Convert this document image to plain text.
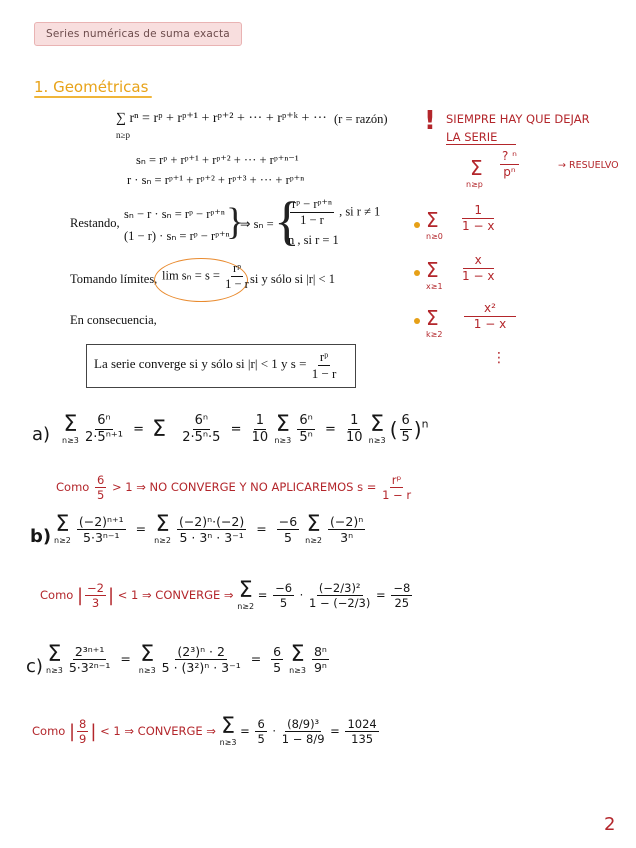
Series numéricas de suma exacta
1. Geométricas
∑ rⁿ = rᵖ + rᵖ⁺¹ + rᵖ⁺² + ··· + rᵖ⁺ᵏ + ···
n≥p
(r = razón)
sₙ = rᵖ + rᵖ⁺¹ + rᵖ⁺² + ··· + rᵖ⁺ⁿ⁻¹
r · sₙ = rᵖ⁺¹ + rᵖ⁺² + rᵖ⁺³ + ··· + rᵖ⁺ⁿ
Restando,
sₙ − r · sₙ = rᵖ − rᵖ⁺ⁿ
(1 − r) · sₙ = rᵖ − rᵖ⁺ⁿ
}
⇒ sₙ = {
$\frac{\text{rᵖ − rᵖ⁺ⁿ}}{1 - r}$ , si r ≠ 1
n , si r = 1
Tomando límites, $\lim s_n = s = \frac{\text{rᵖ}}{1 - r}$ si y sólo si |r| < 1
En consecuencia,
La serie converge si y sólo si |r| < 1 y $s = \frac{\text{rᵖ}}{1 - r}$
! SIEMPRE HAY QUE DEJAR
LA SERIE
Σ
n≥p
$\frac{\text{? ⁿ}}{\text{pⁿ}}$	→ RESUELVO
Σ
n≥0
$\frac{1}{1 - x}$
Σ
x≥1
$\frac{x}{1 - x}$
Σ
k≥2
$\frac{\text{x²}}{1 - x}$
⋮
a) Σ
n≥3
$\frac{\text{6ⁿ}}{\text{2·5ⁿ⁺¹}} = \Sigma$
$\frac{\text{6ⁿ}}{\text{2·5ⁿ·5}} = \frac{1}{10}$
Σ
n≥3
$\frac{\text{6ⁿ}}{\text{5ⁿ}} = \frac{1}{10}$
Σ
n≥3 ( $\frac{6}{5} )^n$
Como $\frac{6}{5} > 1$ ⇒ NO CONVERGE Y NO APLICAREMOS $s = \frac{\text{rᵖ}}{1 - r}$
b) Σ
n≥2
$\frac{\text{(−2)ⁿ⁺¹}}{\text{5·3ⁿ⁻¹}} = \Sigma$
n≥2
$\frac{\text{(−2)ⁿ·(−2)}}{\text{5 · 3ⁿ · 3⁻¹}} = \frac{-6}{5}$
Σ
n≥2
$\frac{\text{(−2)ⁿ}}{\text{3ⁿ}}$
Como | $\frac{-2}{3}$ | < 1 ⇒ CONVERGE ⇒ Σ
n≥2
= $\frac{-6}{5} \cdot \frac{\text{(−2/3)²}}{1 - (-2/3)} = \frac{-8}{25}$
c) Σ
n≥3
$\frac{\text{2³ⁿ⁺¹}}{\text{5·3²ⁿ⁻¹}} = \Sigma$
n≥3
$\frac{\text{(2³)ⁿ · 2}}{\text{5 · (3²)ⁿ · 3⁻¹}} = \frac{6}{5}$
Σ
n≥3
$\frac{\text{8ⁿ}}{\text{9ⁿ}}$
Como | $\frac{8}{9}$ | < 1 ⇒ CONVERGE ⇒ Σ
n≥3
= $\frac{6}{5} \cdot \frac{\text{(8/9)³}}{1 - 8/9} = \frac{1024}{135}$
2
